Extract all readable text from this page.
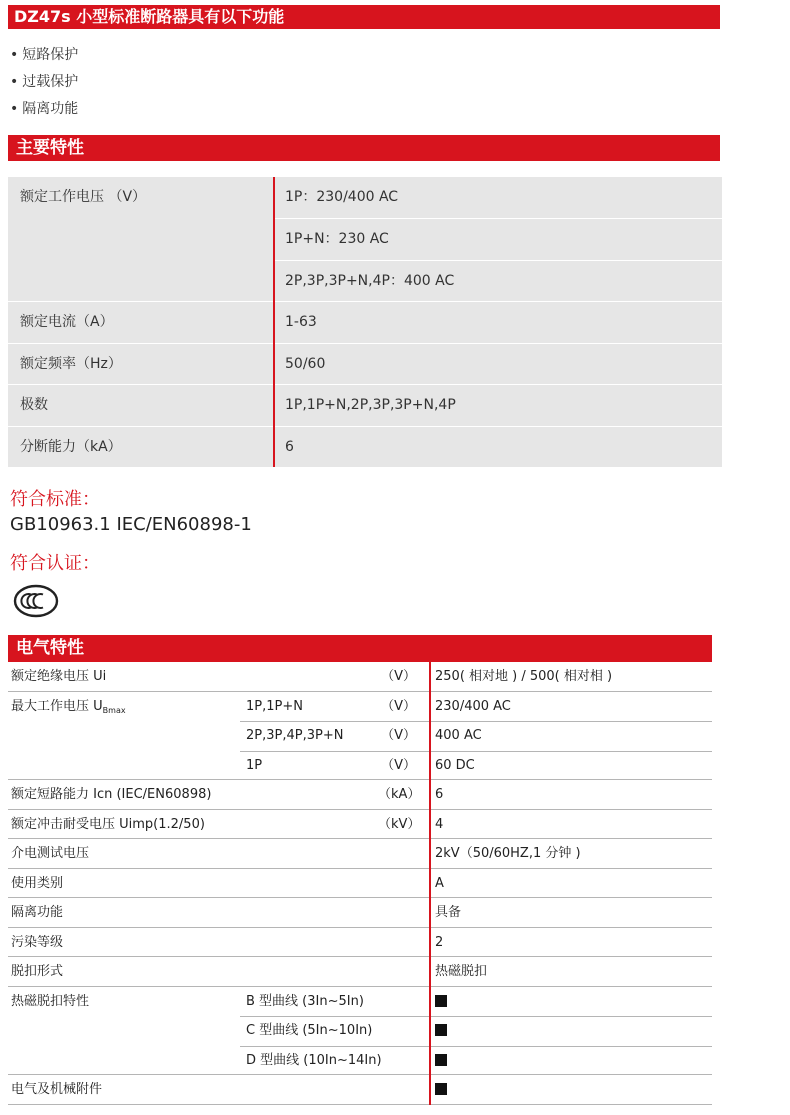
DZ47s 小型标准断路器具有以下功能
• 短路保护
• 过载保护
• 隔离功能
主要特性
额定工作电压 （V）	1P：230/400 AC
1P+N：230 AC
2P,3P,3P+N,4P：400 AC
额定电流（A）	1-63
额定频率（Hz）	50/60
极数	1P,1P+N,2P,3P,3P+N,4P
分断能力（kA）	6
符合标准：
GB10963.1 IEC/EN60898-1
符合认证：
电气特性
额定绝缘电压 Ui	（V） 250( 相对地 ) / 500( 相对相 )
最大工作电压 $U_{Bmax}$	1P,1P+N	（V） 230/400 AC
2P,3P,4P,3P+N	（V） 400 AC
1P	（V） 60 DC
额定短路能力 Icn (IEC/EN60898)	（kA） 6
额定冲击耐受电压 Uimp(1.2/50)	（kV） 4
介电测试电压	2kV（50/60HZ,1 分钟 )
使用类别	A
隔离功能	具备
污染等级	2
脱扣形式	热磁脱扣
热磁脱扣特性	B 型曲线 (3In~5In)
C 型曲线 (5In~10In)
D 型曲线 (10In~14In)
电气及机械附件
